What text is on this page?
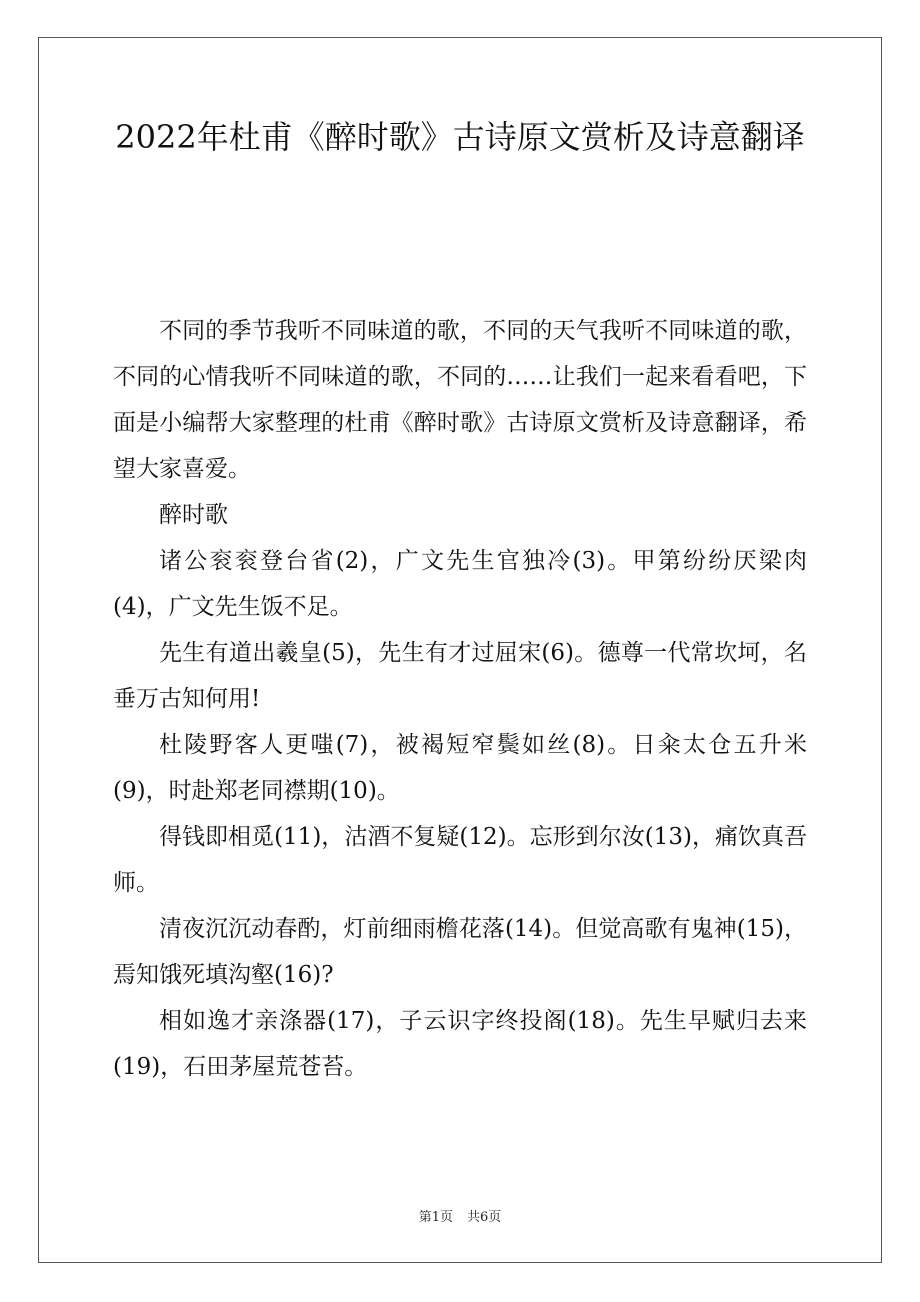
2022年杜甫《醉时歌》古诗原文赏析及诗意翻译

不同的季节我听不同味道的歌，不同的天气我听不同味道的歌，不同的心情我听不同味道的歌，不同的……让我们一起来看看吧，下面是小编帮大家整理的杜甫《醉时歌》古诗原文赏析及诗意翻译，希望大家喜爱。

醉时歌

诸公衮衮登台省(2)，广文先生官独冷(3)。甲第纷纷厌梁肉(4)，广文先生饭不足。

先生有道出羲皇(5)，先生有才过屈宋(6)。德尊一代常坎坷，名垂万古知何用!

杜陵野客人更嗤(7)，被褐短窄鬓如丝(8)。日籴太仓五升米(9)，时赴郑老同襟期(10)。

得钱即相觅(11)，沽酒不复疑(12)。忘形到尔汝(13)，痛饮真吾师。

清夜沉沉动春酌，灯前细雨檐花落(14)。但觉高歌有鬼神(15)，焉知饿死填沟壑(16)?

相如逸才亲涤器(17)，子云识字终投阁(18)。先生早赋归去来(19)，石田茅屋荒苍苔。

第1页 共6页
